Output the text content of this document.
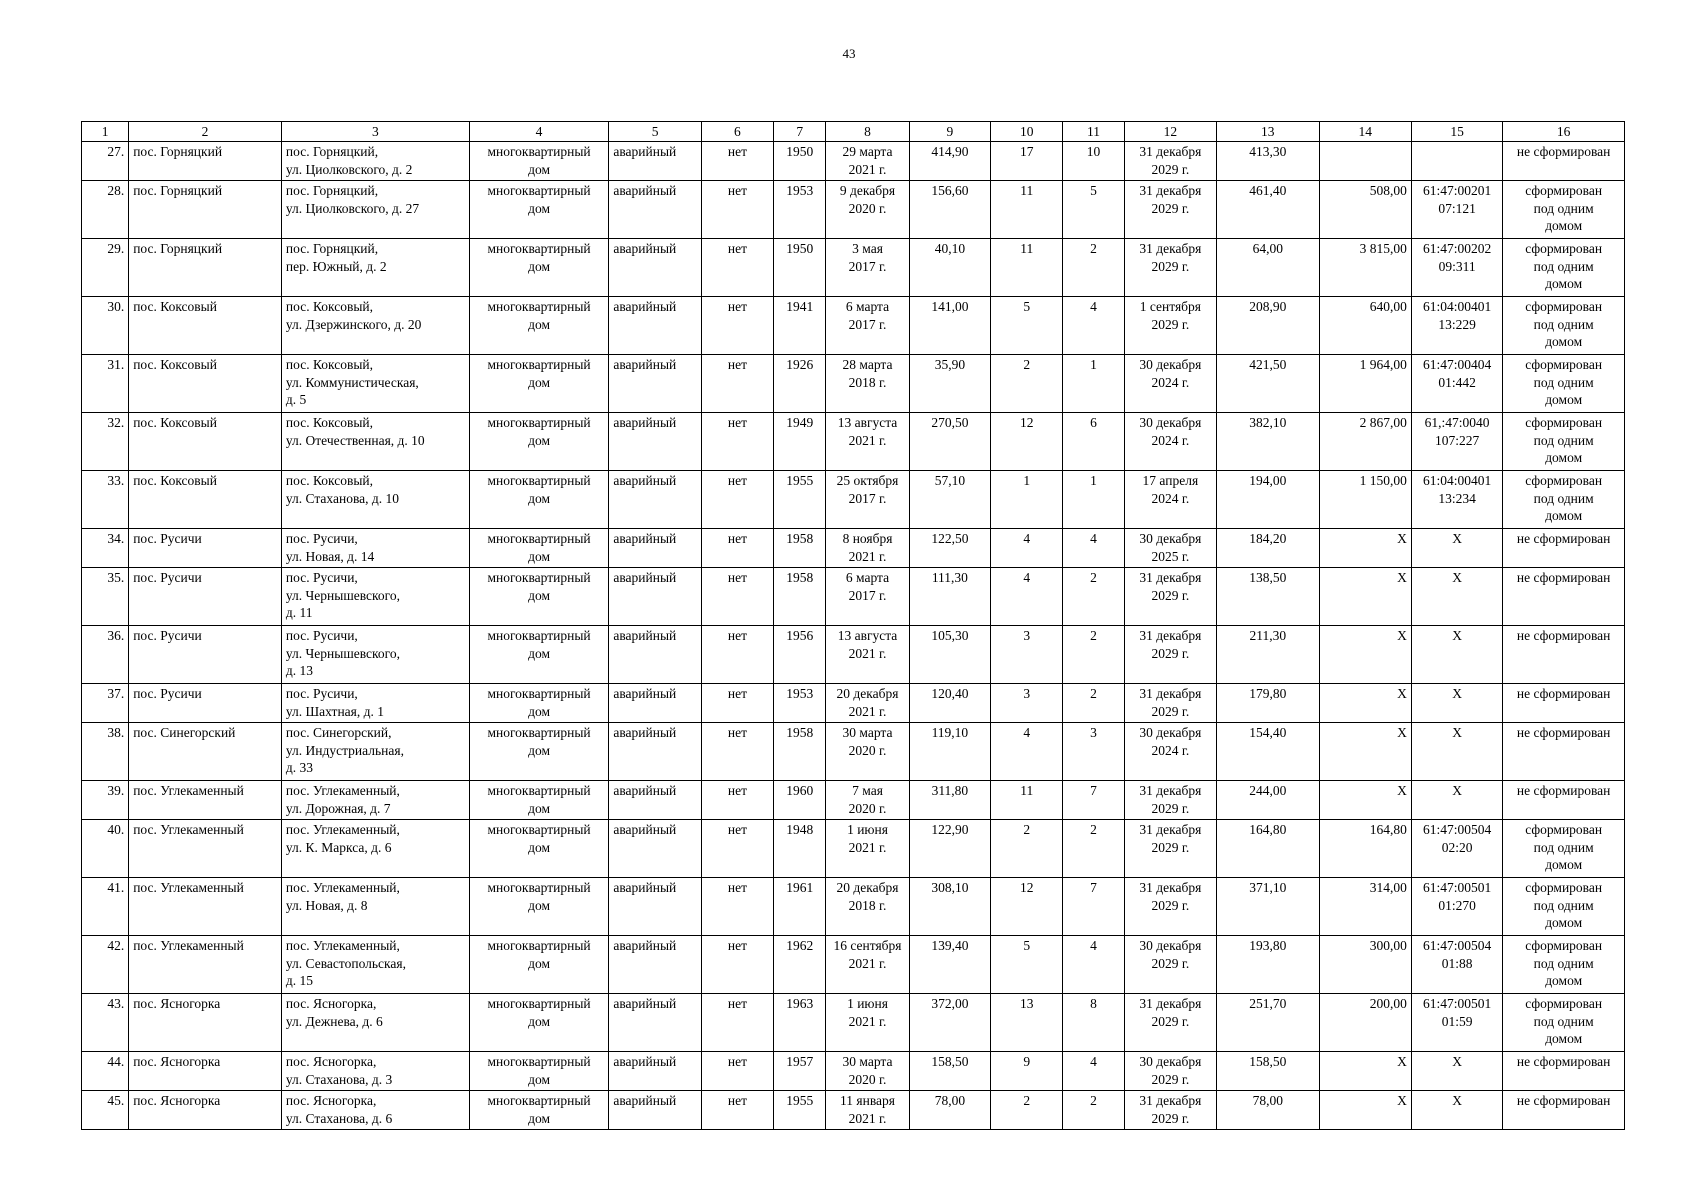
43
1	2	3	4	5	6	7	8	9	10	11	12	13	14	15	16
27.	пос. Горняцкий	пос. Горняцкий,
ул. Циолковского, д. 2	многоквартирный
дом	аварийный	нет	1950	29 марта
2021 г.	414,90	17	10	31 декабря
2029 г.	413,30			не сформирован
28.	пос. Горняцкий	пос. Горняцкий,
ул. Циолковского, д. 27	многоквартирный
дом	аварийный	нет	1953	9 декабря
2020 г.	156,60	11	5	31 декабря
2029 г.	461,40	508,00	61:47:00201
07:121	сформирован
под одним
домом
29.	пос. Горняцкий	пос. Горняцкий,
пер. Южный, д. 2	многоквартирный
дом	аварийный	нет	1950	3 мая
2017 г.	40,10	11	2	31 декабря
2029 г.	64,00	3 815,00	61:47:00202
09:311	сформирован
под одним
домом
30.	пос. Коксовый	пос. Коксовый,
ул. Дзержинского, д. 20	многоквартирный
дом	аварийный	нет	1941	6 марта
2017 г.	141,00	5	4	1 сентября
2029 г.	208,90	640,00	61:04:00401
13:229	сформирован
под одним
домом
31.	пос. Коксовый	пос. Коксовый,
ул. Коммунистическая,
д. 5	многоквартирный
дом	аварийный	нет	1926	28 марта
2018 г.	35,90	2	1	30 декабря
2024 г.	421,50	1 964,00	61:47:00404
01:442	сформирован
под одним
домом
32.	пос. Коксовый	пос. Коксовый,
ул. Отечественная, д. 10	многоквартирный
дом	аварийный	нет	1949	13 августа
2021 г.	270,50	12	6	30 декабря
2024 г.	382,10	2 867,00	61,:47:0040
107:227	сформирован
под одним
домом
33.	пос. Коксовый	пос. Коксовый,
ул. Стаханова, д. 10	многоквартирный
дом	аварийный	нет	1955	25 октября
2017 г.	57,10	1	1	17 апреля
2024 г.	194,00	1 150,00	61:04:00401
13:234	сформирован
под одним
домом
34.	пос. Русичи	пос. Русичи,
ул. Новая, д. 14	многоквартирный
дом	аварийный	нет	1958	8 ноября
2021 г.	122,50	4	4	30 декабря
2025 г.	184,20	X	X	не сформирован
35.	пос. Русичи	пос. Русичи,
ул. Чернышевского,
д. 11	многоквартирный
дом	аварийный	нет	1958	6 марта
2017 г.	111,30	4	2	31 декабря
2029 г.	138,50	X	X	не сформирован
36.	пос. Русичи	пос. Русичи,
ул. Чернышевского,
д. 13	многоквартирный
дом	аварийный	нет	1956	13 августа
2021 г.	105,30	3	2	31 декабря
2029 г.	211,30	X	X	не сформирован
37.	пос. Русичи	пос. Русичи,
ул. Шахтная, д. 1	многоквартирный
дом	аварийный	нет	1953	20 декабря
2021 г.	120,40	3	2	31 декабря
2029 г.	179,80	X	X	не сформирован
38.	пос. Синегорский	пос. Синегорский,
ул. Индустриальная,
д. 33	многоквартирный
дом	аварийный	нет	1958	30 марта
2020 г.	119,10	4	3	30 декабря
2024 г.	154,40	X	X	не сформирован
39.	пос. Углекаменный	пос. Углекаменный,
ул. Дорожная, д. 7	многоквартирный
дом	аварийный	нет	1960	7 мая
2020 г.	311,80	11	7	31 декабря
2029 г.	244,00	X	X	не сформирован
40.	пос. Углекаменный	пос. Углекаменный,
ул. К. Маркса, д. 6	многоквартирный
дом	аварийный	нет	1948	1 июня
2021 г.	122,90	2	2	31 декабря
2029 г.	164,80	164,80	61:47:00504
02:20	сформирован
под одним
домом
41.	пос. Углекаменный	пос. Углекаменный,
ул. Новая, д. 8	многоквартирный
дом	аварийный	нет	1961	20 декабря
2018 г.	308,10	12	7	31 декабря
2029 г.	371,10	314,00	61:47:00501
01:270	сформирован
под одним
домом
42.	пос. Углекаменный	пос. Углекаменный,
ул. Севастопольская,
д. 15	многоквартирный
дом	аварийный	нет	1962	16 сентября
2021 г.	139,40	5	4	30 декабря
2029 г.	193,80	300,00	61:47:00504
01:88	сформирован
под одним
домом
43.	пос. Ясногорка	пос. Ясногорка,
ул. Дежнева, д. 6	многоквартирный
дом	аварийный	нет	1963	1 июня
2021 г.	372,00	13	8	31 декабря
2029 г.	251,70	200,00	61:47:00501
01:59	сформирован
под одним
домом
44.	пос. Ясногорка	пос. Ясногорка,
ул. Стаханова, д. 3	многоквартирный
дом	аварийный	нет	1957	30 марта
2020 г.	158,50	9	4	30 декабря
2029 г.	158,50	X	X	не сформирован
45.	пос. Ясногорка	пос. Ясногорка,
ул. Стаханова, д. 6	многоквартирный
дом	аварийный	нет	1955	11 января
2021 г.	78,00	2	2	31 декабря
2029 г.	78,00	X	X	не сформирован
